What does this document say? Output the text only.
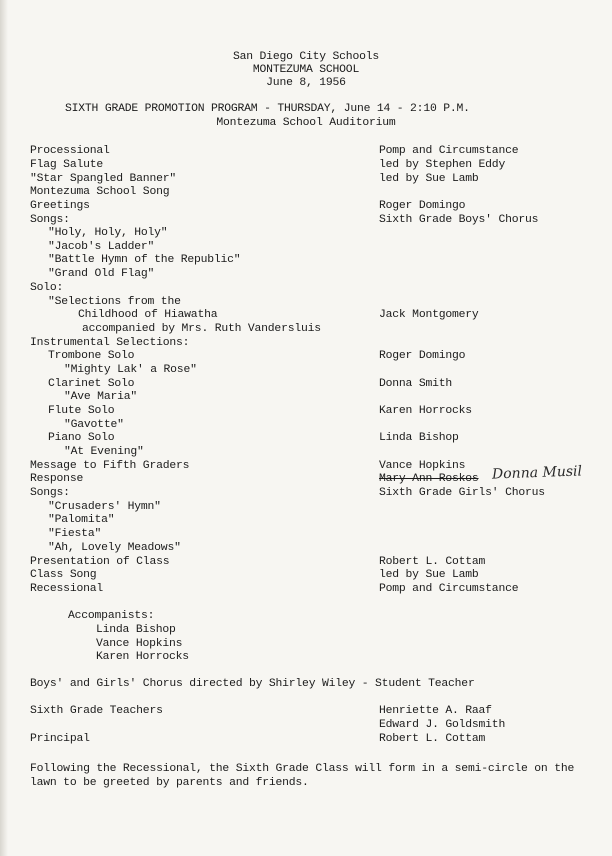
San Diego City Schools
MONTEZUMA SCHOOL
June 8, 1956
SIXTH GRADE PROMOTION PROGRAM - THURSDAY, June 14 - 2:10 P.M.
Montezuma School Auditorium
Processional
Flag Salute
"Star Spangled Banner"
Montezuma School Song
Greetings
Songs:
"Holy, Holy, Holy"
"Jacob's Ladder"
"Battle Hymn of the Republic"
"Grand Old Flag"
Solo:
"Selections from the
Childhood of Hiawatha
accompanied by Mrs. Ruth Vandersluis
Instrumental Selections:
Trombone Solo
"Mighty Lak' a Rose"
Clarinet Solo
"Ave Maria"
Flute Solo
"Gavotte"
Piano Solo
"At Evening"
Message to Fifth Graders
Response
Songs:
"Crusaders' Hymn"
"Palomita"
"Fiesta"
"Ah, Lovely Meadows"
Presentation of Class
Class Song
Recessional
Pomp and Circumstance
led by Stephen Eddy
led by Sue Lamb
Roger Domingo
Sixth Grade Boys' Chorus
Jack Montgomery
Roger Domingo
Donna Smith
Karen Horrocks
Linda Bishop
Vance Hopkins
Mary Ann Roskos Donna Musil
Sixth Grade Girls' Chorus
Robert L. Cottam
led by Sue Lamb
Pomp and Circumstance
Accompanists:
Linda Bishop
Vance Hopkins
Karen Horrocks
Boys' and Girls' Chorus directed by Shirley Wiley - Student Teacher
Sixth Grade Teachers	Henriette A. Raaf
Edward J. Goldsmith
Principal	Robert L. Cottam
Following the Recessional, the Sixth Grade Class will form in a semi-circle on the lawn to be greeted by parents and friends.
